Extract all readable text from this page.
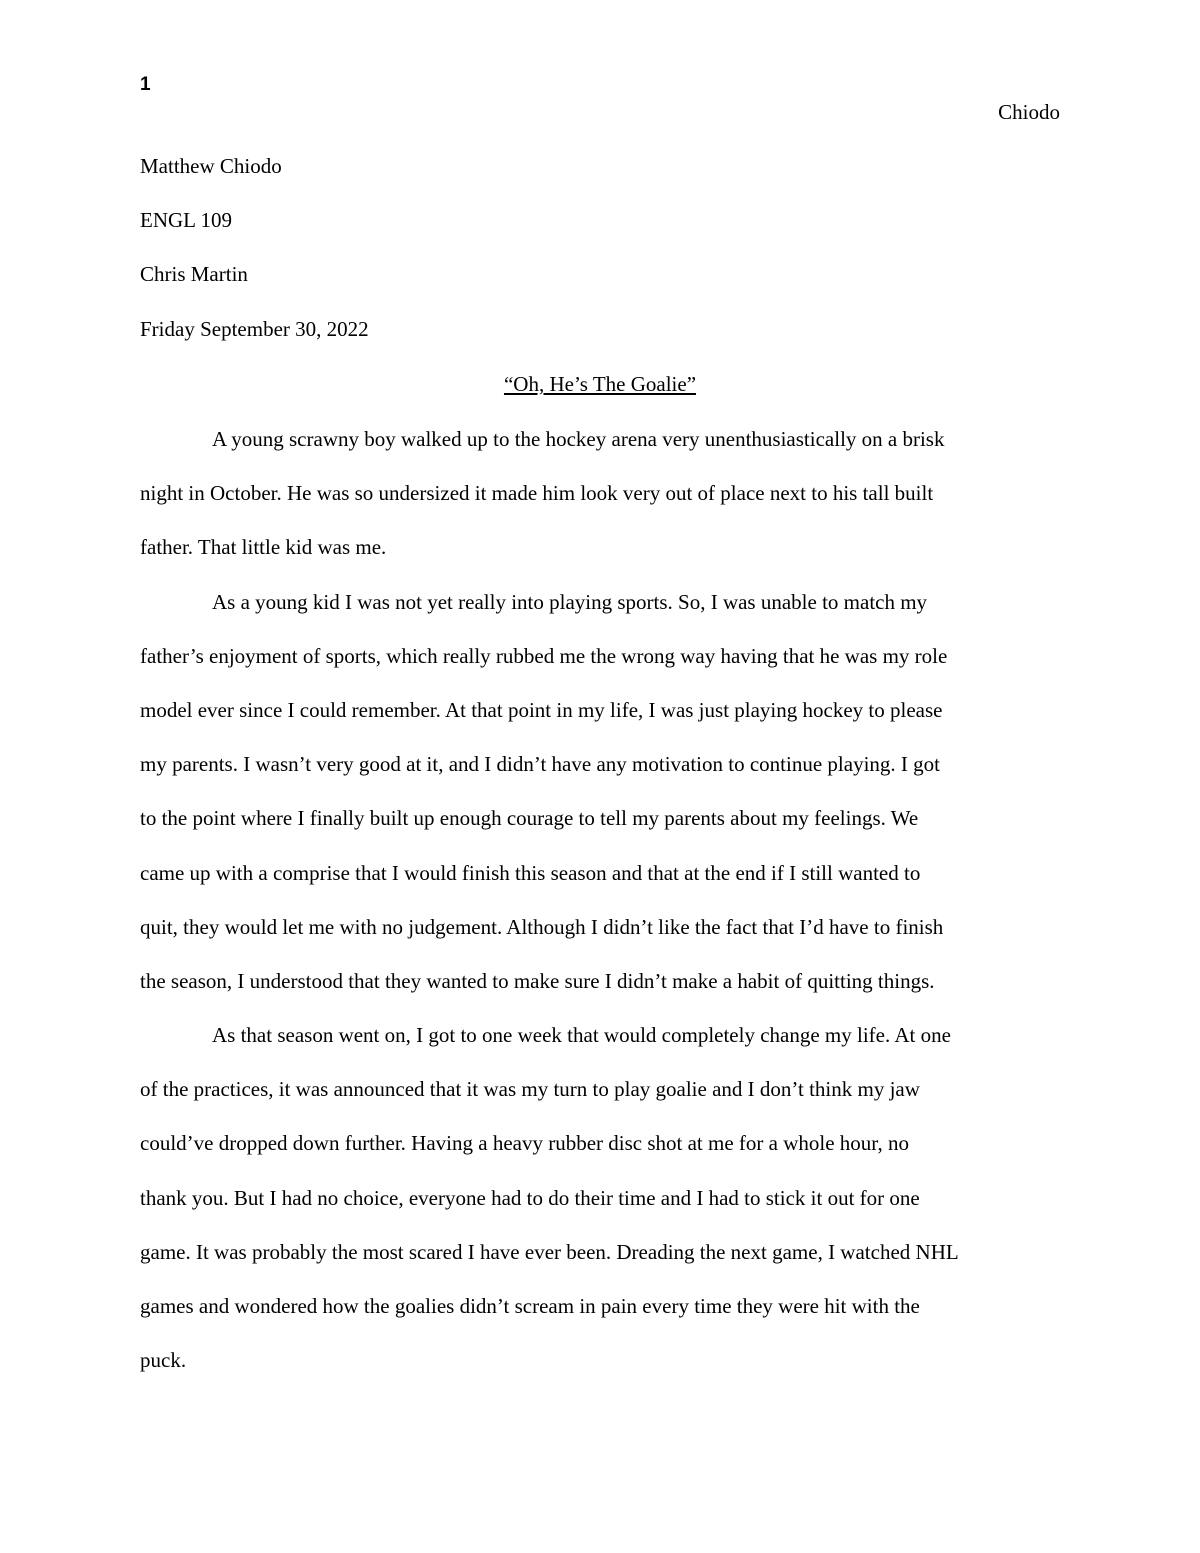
1
Chiodo
Matthew Chiodo
ENGL 109
Chris Martin
Friday September 30, 2022
“Oh, He’s The Goalie”
A young scrawny boy walked up to the hockey arena very unenthusiastically on a brisk
night in October. He was so undersized it made him look very out of place next to his tall built
father. That little kid was me.
As a young kid I was not yet really into playing sports. So, I was unable to match my
father’s enjoyment of sports, which really rubbed me the wrong way having that he was my role
model ever since I could remember. At that point in my life, I was just playing hockey to please
my parents. I wasn’t very good at it, and I didn’t have any motivation to continue playing. I got
to the point where I finally built up enough courage to tell my parents about my feelings. We
came up with a comprise that I would finish this season and that at the end if I still wanted to
quit, they would let me with no judgement. Although I didn’t like the fact that I’d have to finish
the season, I understood that they wanted to make sure I didn’t make a habit of quitting things.
As that season went on, I got to one week that would completely change my life. At one
of the practices, it was announced that it was my turn to play goalie and I don’t think my jaw
could’ve dropped down further. Having a heavy rubber disc shot at me for a whole hour, no
thank you. But I had no choice, everyone had to do their time and I had to stick it out for one
game. It was probably the most scared I have ever been. Dreading the next game, I watched NHL
games and wondered how the goalies didn’t scream in pain every time they were hit with the
puck.
